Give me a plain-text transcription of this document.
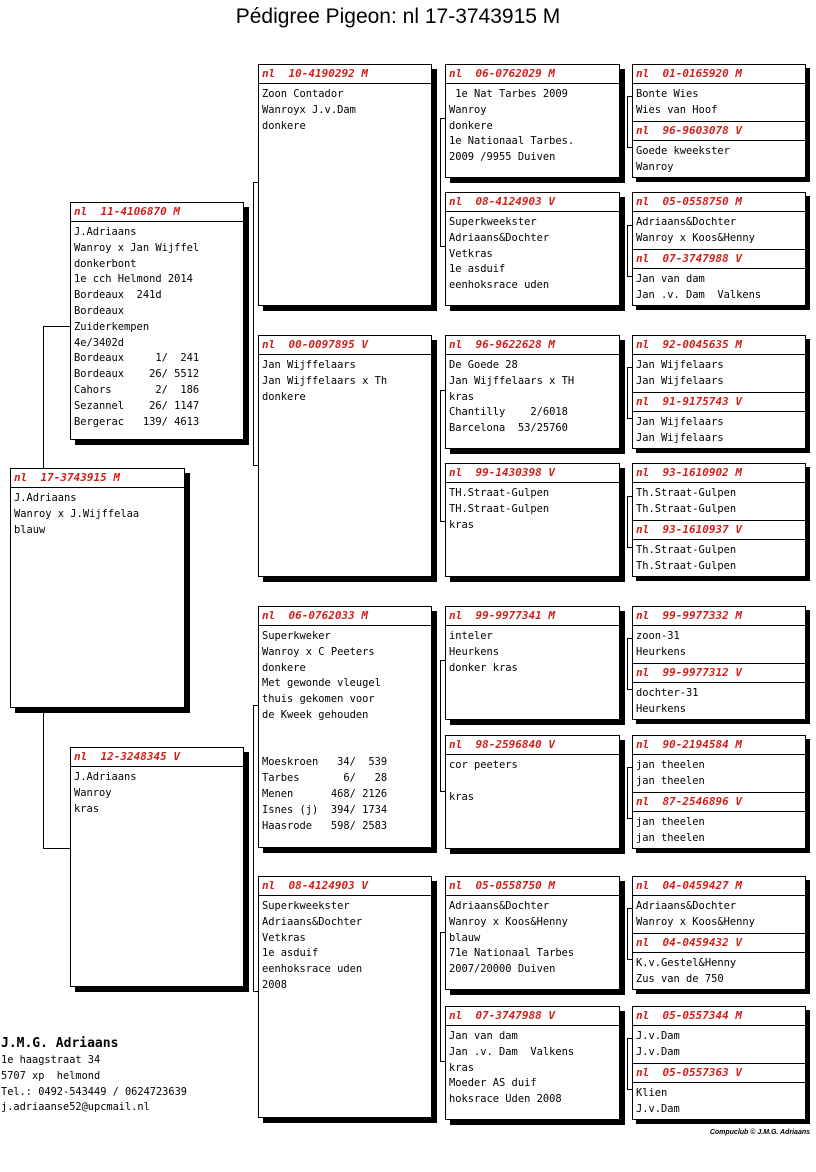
Pédigree Pigeon: nl 17-3743915 M
nl  17-3743915 M
J.Adriaans
Wanroy x J.Wijffelaa
blauw
nl  11-4106870 M
J.Adriaans
Wanroy x Jan Wijffel
donkerbont
1e cch Helmond 2014
Bordeaux  241d
Bordeaux
Zuiderkempen
4e/3402d
Bordeaux     1/  241
Bordeaux    26/ 5512
Cahors       2/  186
Sezannel    26/ 1147
Bergerac   139/ 4613
nl  12-3248345 V
J.Adriaans
Wanroy
kras
nl  10-4190292 M
Zoon Contador
Wanroyx J.v.Dam
donkere
nl  00-0097895 V
Jan Wijffelaars
Jan Wijffelaars x Th
donkere
nl  06-0762033 M
Superkweker
Wanroy x C Peeters
donkere
Met gewonde vleugel
thuis gekomen voor
de Kweek gehouden
Moeskroen   34/  539
Tarbes       6/   28
Menen      468/ 2126
Isnes (j)  394/ 1734
Haasrode   598/ 2583
nl  08-4124903 V
Superkweekster
Adriaans&Dochter
Vetkras
1e asduif
eenhoksrace uden
2008
nl  06-0762029 M
1e Nat Tarbes 2009
Wanroy
donkere
1e Nationaal Tarbes.
2009 /9955 Duiven
nl  08-4124903 V
Superkweekster
Adriaans&Dochter
Vetkras
1e asduif
eenhoksrace uden
nl  96-9622628 M
De Goede 28
Jan Wijffelaars x TH
kras
Chantilly    2/6018
Barcelona  53/25760
nl  99-1430398 V
TH.Straat-Gulpen
TH.Straat-Gulpen
kras
nl  99-9977341 M
inteler
Heurkens
donker kras
nl  98-2596840 V
cor peeters
kras
nl  05-0558750 M
Adriaans&Dochter
Wanroy x Koos&Henny
blauw
71e Nationaal Tarbes
2007/20000 Duiven
nl  07-3747988 V
Jan van dam
Jan .v. Dam  Valkens
kras
Moeder AS duif
hoksrace Uden 2008
nl  01-0165920 M
Bonte Wies
Wies van Hoof
nl  96-9603078 V
Goede kweekster
Wanroy
nl  05-0558750 M
Adriaans&Dochter
Wanroy x Koos&Henny
nl  07-3747988 V
Jan van dam
Jan .v. Dam  Valkens
nl  92-0045635 M
Jan Wijfelaars
Jan Wijfelaars
nl  91-9175743 V
Jan Wijfelaars
Jan Wijfelaars
nl  93-1610902 M
Th.Straat-Gulpen
Th.Straat-Gulpen
nl  93-1610937 V
Th.Straat-Gulpen
Th.Straat-Gulpen
nl  99-9977332 M
zoon-31
Heurkens
nl  99-9977312 V
dochter-31
Heurkens
nl  90-2194584 M
jan theelen
jan theelen
nl  87-2546896 V
jan theelen
jan theelen
nl  04-0459427 M
Adriaans&Dochter
Wanroy x Koos&Henny
nl  04-0459432 V
K.v.Gestel&Henny
Zus van de 750
nl  05-0557344 M
J.v.Dam
J.v.Dam
nl  05-0557363 V
Klien
J.v.Dam
J.M.G. Adriaans
1e haagstraat 34
5707 xp  helmond
Tel.: 0492-543449 / 0624723639
j.adriaanse52@upcmail.nl
Compuclub © J.M.G. Adriaans
